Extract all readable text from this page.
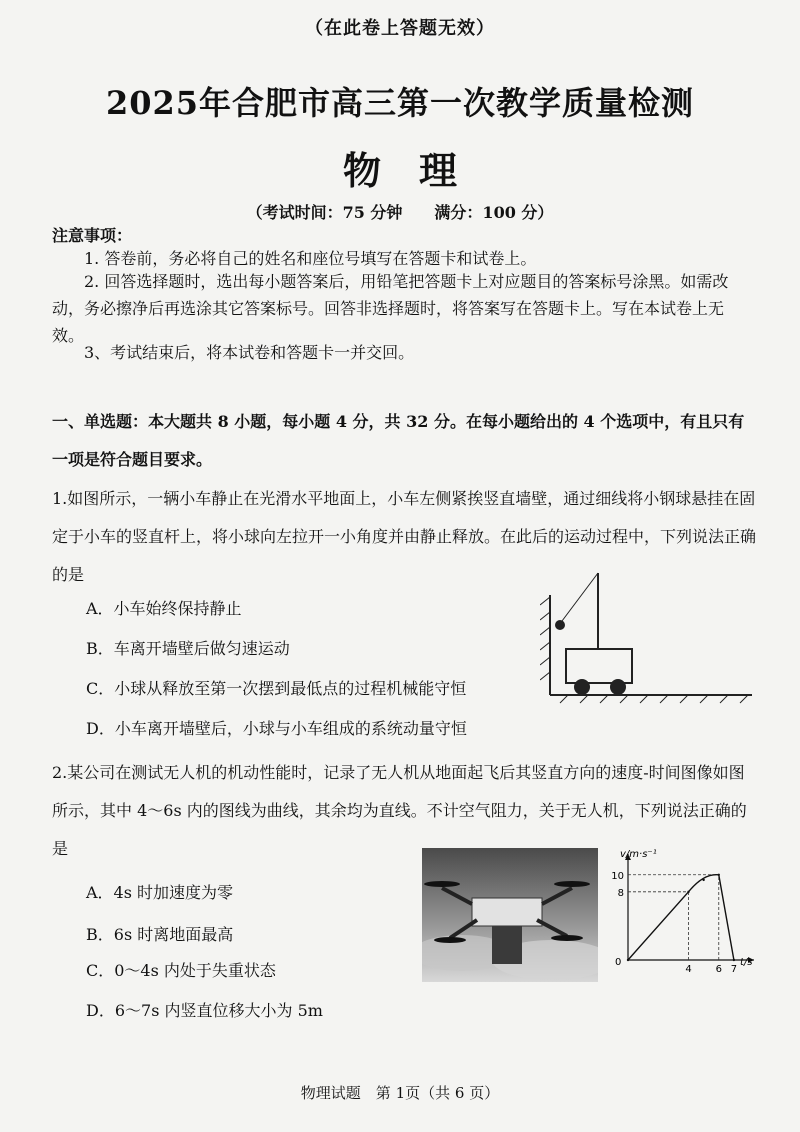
（在此卷上答题无效）
2025年合肥市高三第一次教学质量检测
物　理
（考试时间：75 分钟　　满分：100 分）
注意事项：
1. 答卷前，务必将自己的姓名和座位号填写在答题卡和试卷上。
2. 回答选择题时，选出每小题答案后，用铅笔把答题卡上对应题目的答案标号涂黑。如需改动，务必擦净后再选涂其它答案标号。回答非选择题时，将答案写在答题卡上。写在本试卷上无效。
3、考试结束后，将本试卷和答题卡一并交回。
一、单选题：本大题共 8 小题，每小题 4 分，共 32 分。在每小题给出的 4 个选项中，有且只有一项是符合题目要求。
1.如图所示，一辆小车静止在光滑水平地面上，小车左侧紧挨竖直墙壁，通过细线将小钢球悬挂在固定于小车的竖直杆上，将小球向左拉开一小角度并由静止释放。在此后的运动过程中，下列说法正确的是
A．小车始终保持静止
B．车离开墙壁后做匀速运动
C．小球从释放至第一次摆到最低点的过程机械能守恒
D．小车离开墙壁后，小球与小车组成的系统动量守恒
2.某公司在测试无人机的机动性能时，记录了无人机从地面起飞后其竖直方向的速度-时间图像如图所示，其中 4～6s 内的图线为曲线，其余均为直线。不计空气阻力，关于无人机，下列说法正确的是
A．4s 时加速度为零
B．6s 时离地面最高
C．0～4s 内处于失重状态
D．6～7s 内竖直位移大小为 5m
8
10
4 6 7
v/m·s⁻¹
t/s
0
物理试题　第 1页（共 6 页）
